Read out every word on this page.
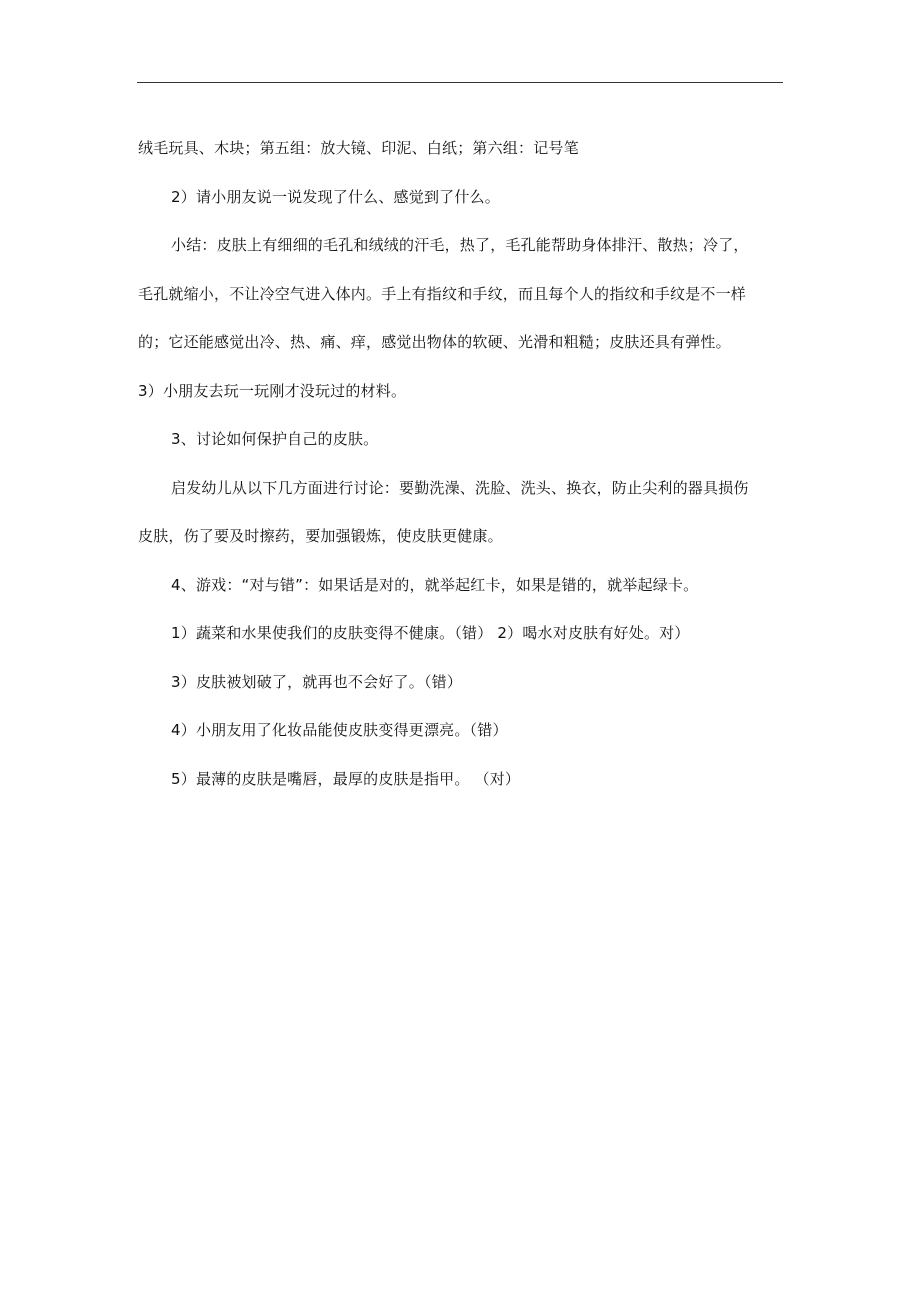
绒毛玩具、木块；第五组：放大镜、印泥、白纸；第六组：记号笔
2）请小朋友说一说发现了什么、感觉到了什么。
小结：皮肤上有细细的毛孔和绒绒的汗毛，热了，毛孔能帮助身体排汗、散热；冷了，
毛孔就缩小，不让冷空气进入体内。手上有指纹和手纹，而且每个人的指纹和手纹是不一样
的；它还能感觉出冷、热、痛、痒，感觉出物体的软硬、光滑和粗糙；皮肤还具有弹性。
3）小朋友去玩一玩刚才没玩过的材料。
3、讨论如何保护自己的皮肤。
启发幼儿从以下几方面进行讨论：要勤洗澡、洗脸、洗头、换衣，防止尖利的器具损伤
皮肤，伤了要及时擦药，要加强锻炼，使皮肤更健康。
4、游戏：“对与错”：如果话是对的，就举起红卡，如果是错的，就举起绿卡。
1）蔬菜和水果使我们的皮肤变得不健康。（错） 2）喝水对皮肤有好处。对）
3）皮肤被划破了，就再也不会好了。（错）
4）小朋友用了化妆品能使皮肤变得更漂亮。（错）
5）最薄的皮肤是嘴唇，最厚的皮肤是指甲。 （对）
